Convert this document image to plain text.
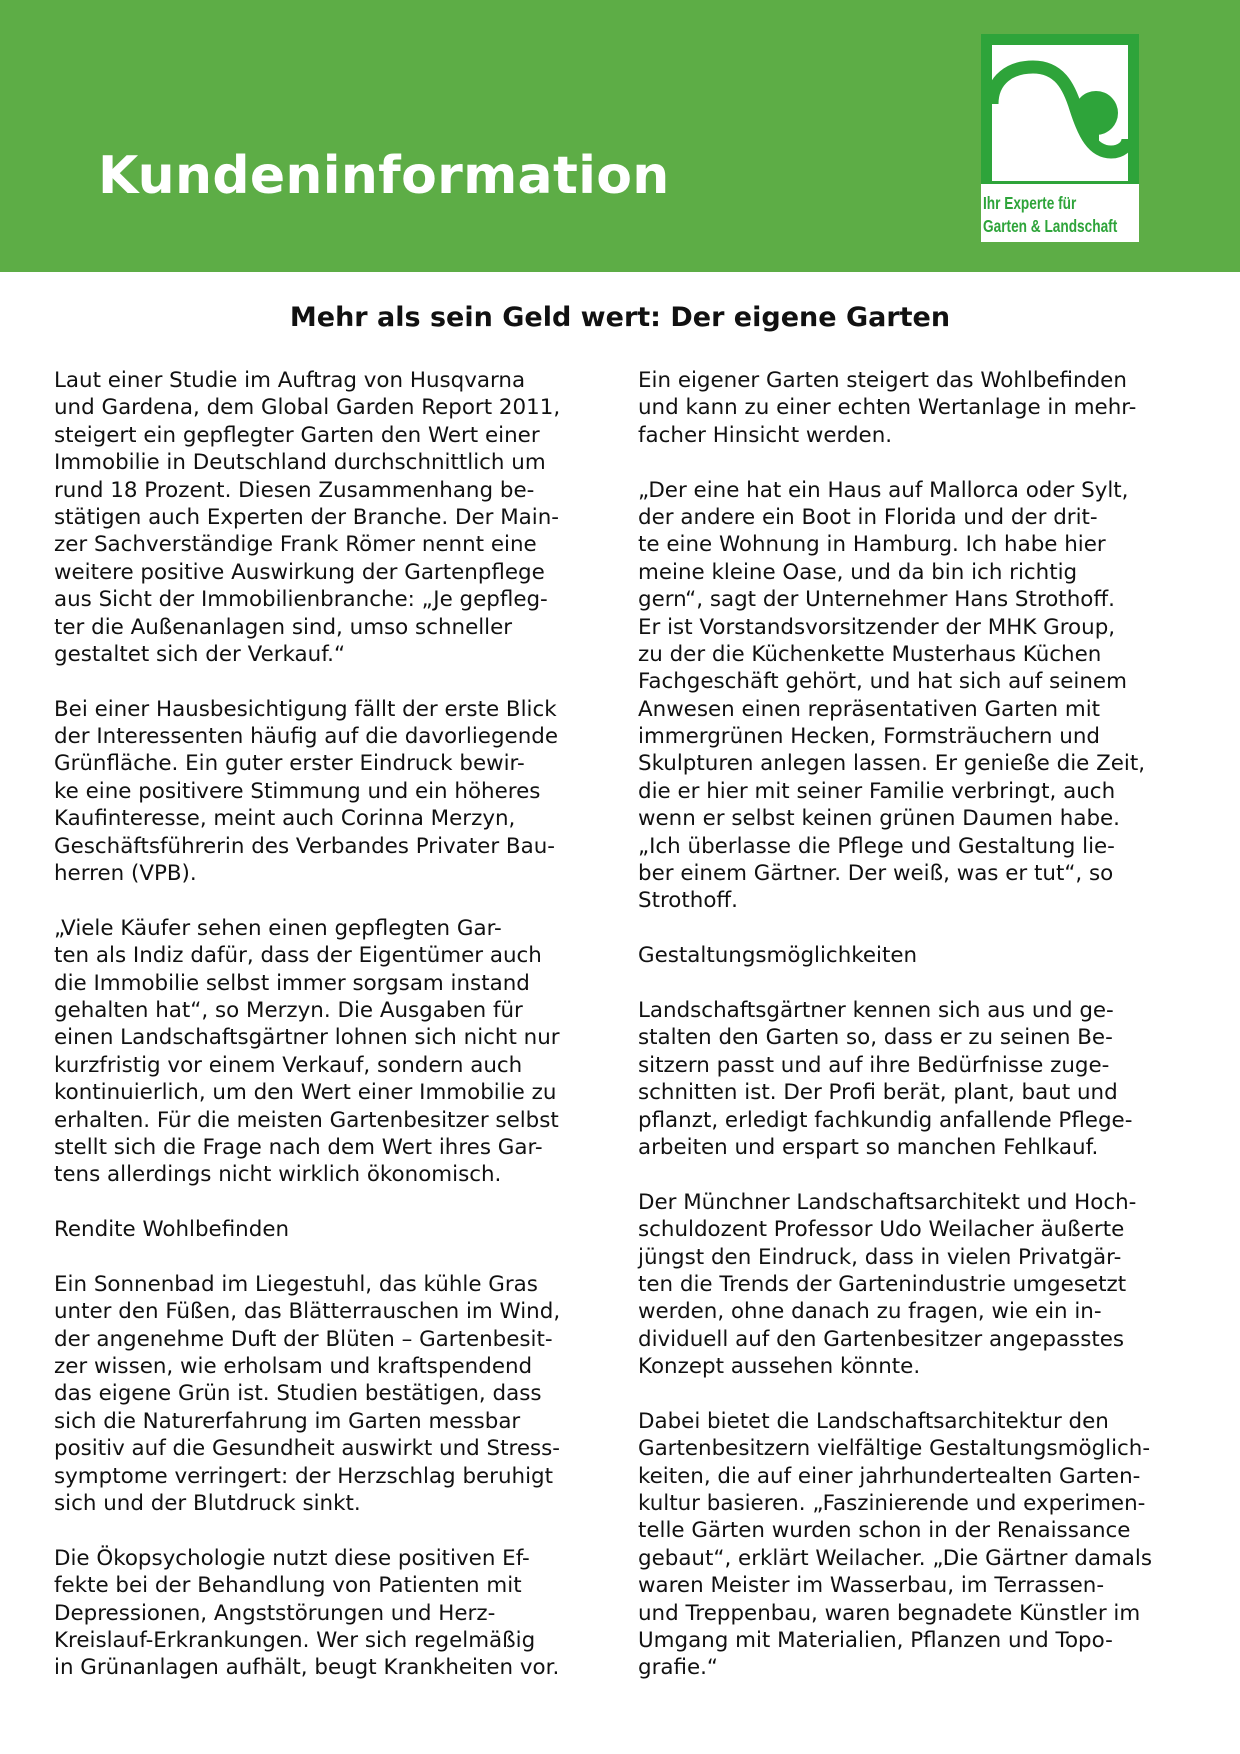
Kundeninformation	Ihr Experte für
Garten & Landschaft
Mehr als sein Geld wert: Der eigene Garten
Laut einer Studie im Auftrag von Husqvarna
und Gardena, dem Global Garden Report 2011,
steigert ein gepflegter Garten den Wert einer
Immobilie in Deutschland durchschnittlich um
rund 18 Prozent. Diesen Zusammenhang be-
stätigen auch Experten der Branche. Der Main-
zer Sachverständige Frank Römer nennt eine
weitere positive Auswirkung der Gartenpflege
aus Sicht der Immobilienbranche: „Je gepfleg-
ter die Außenanlagen sind, umso schneller
gestaltet sich der Verkauf.“
Bei einer Hausbesichtigung fällt der erste Blick
der Interessenten häufig auf die davorliegende
Grünfläche. Ein guter erster Eindruck bewir-
ke eine positivere Stimmung und ein höheres
Kaufinteresse, meint auch Corinna Merzyn,
Geschäftsführerin des Verbandes Privater Bau-
herren (VPB).
„Viele Käufer sehen einen gepflegten Gar-
ten als Indiz dafür, dass der Eigentümer auch
die Immobilie selbst immer sorgsam instand
gehalten hat“, so Merzyn. Die Ausgaben für
einen Landschaftsgärtner lohnen sich nicht nur
kurzfristig vor einem Verkauf, sondern auch
kontinuierlich, um den Wert einer Immobilie zu
erhalten. Für die meisten Gartenbesitzer selbst
stellt sich die Frage nach dem Wert ihres Gar-
tens allerdings nicht wirklich ökonomisch.
Rendite Wohlbefinden
Ein Sonnenbad im Liegestuhl, das kühle Gras
unter den Füßen, das Blätterrauschen im Wind,
der angenehme Duft der Blüten – Gartenbesit-
zer wissen, wie erholsam und kraftspendend
das eigene Grün ist. Studien bestätigen, dass
sich die Naturerfahrung im Garten messbar
positiv auf die Gesundheit auswirkt und Stress-
symptome verringert: der Herzschlag beruhigt
sich und der Blutdruck sinkt.
Die Ökopsychologie nutzt diese positiven Ef-
fekte bei der Behandlung von Patienten mit
Depressionen, Angststörungen und Herz-
Kreislauf-Erkrankungen. Wer sich regelmäßig
in Grünanlagen aufhält, beugt Krankheiten vor.
Ein eigener Garten steigert das Wohlbefinden
und kann zu einer echten Wertanlage in mehr-
facher Hinsicht werden.
„Der eine hat ein Haus auf Mallorca oder Sylt,
der andere ein Boot in Florida und der drit-
te eine Wohnung in Hamburg. Ich habe hier
meine kleine Oase, und da bin ich richtig
gern“, sagt der Unternehmer Hans Strothoff.
Er ist Vorstandsvorsitzender der MHK Group,
zu der die Küchenkette Musterhaus Küchen
Fachgeschäft gehört, und hat sich auf seinem
Anwesen einen repräsentativen Garten mit
immergrünen Hecken, Formsträuchern und
Skulpturen anlegen lassen. Er genieße die Zeit,
die er hier mit seiner Familie verbringt, auch
wenn er selbst keinen grünen Daumen habe.
„Ich überlasse die Pflege und Gestaltung lie-
ber einem Gärtner. Der weiß, was er tut“, so
Strothoff.
Gestaltungsmöglichkeiten
Landschaftsgärtner kennen sich aus und ge-
stalten den Garten so, dass er zu seinen Be-
sitzern passt und auf ihre Bedürfnisse zuge-
schnitten ist. Der Profi berät, plant, baut und
pflanzt, erledigt fachkundig anfallende Pflege-
arbeiten und erspart so manchen Fehlkauf.
Der Münchner Landschaftsarchitekt und Hoch-
schuldozent Professor Udo Weilacher äußerte
jüngst den Eindruck, dass in vielen Privatgär-
ten die Trends der Gartenindustrie umgesetzt
werden, ohne danach zu fragen, wie ein in-
dividuell auf den Gartenbesitzer angepasstes
Konzept aussehen könnte.
Dabei bietet die Landschaftsarchitektur den
Gartenbesitzern vielfältige Gestaltungsmöglich-
keiten, die auf einer jahrhundertealten Garten-
kultur basieren. „Faszinierende und experimen-
telle Gärten wurden schon in der Renaissance
gebaut“, erklärt Weilacher. „Die Gärtner damals
waren Meister im Wasserbau, im Terrassen-
und Treppenbau, waren begnadete Künstler im
Umgang mit Materialien, Pflanzen und Topo-
grafie.“
